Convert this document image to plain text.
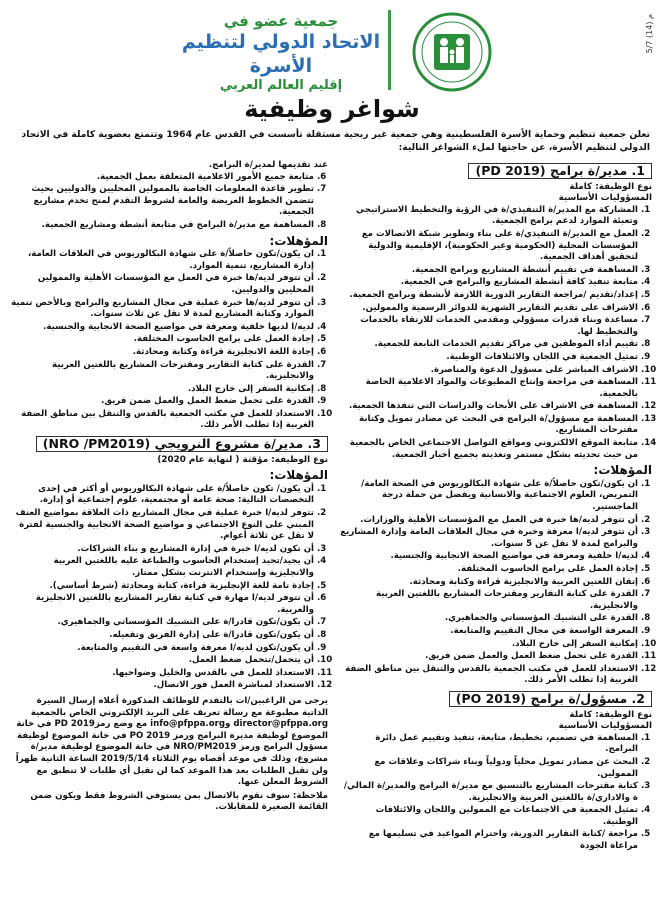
م (14) 5/7
جمعية عضو في
الاتحاد الدولي لتنظيم الأسرة
إقليم العالم العربي
شواغر وظيفية
تعلن جمعية تنظيم وحماية الأسرة الفلسطينية وهي جمعية غير ربحية مستقلة تأسست في القدس عام 1964 وتتمتع بعضوية كاملة في الاتحاد الدولي لتنظيم الأسرة، عن حاجتها لملء الشواغر التالية:
1. مدير/ة برامج (PD 2019)
نوع الوظيفة: كاملة
المسؤوليات الأساسية
1. المشاركة مع المدير/ة التنفيذي/ة في الرؤية والتخطيط الاستراتيجي وتعبئة الموارد لدعم برامج الجمعية.
2. العمل مع المدير/ة التنفيذي/ة على بناء وتطوير شبكة الاتصالات مع المؤسسات المحلية (الحكومية وغير الحكومية)، الإقليمية والدولية لتحقيق أهداف الجمعية.
3. المساهمة في تقييم أنشطة المشاريع وبرامج الجمعية.
4. متابعة تنفيذ كافة أنشطة المشاريع والبرامج في الجمعية.
5. إعداد/تقديم /مراجعة التقارير الدورية اللازمة لأنشطة وبرامج الجمعية.
6. الاشراف على تقديم التقارير الشهرية للدوائر الرسمية والممولين.
7. مساعدة وبناء قدرات مسؤولي ومقدمي الخدمات للارتقاء بالخدمات والتخطيط لها.
8. تقييم أداء الموظفين في مراكز تقديم الخدمات التابعة للجمعية.
9. تمثيل الجمعية في اللجان والائتلافات الوطنية.
10. الاشراف المباشر على مسؤول الدعوة والمناصرة.
11. المساهمة في مراجعة وإنتاج المطبوعات والمواد الاعلامية الخاصة بالجمعية.
12. المساهمة في الاشراف على الأبحاث والدراسات التي تنفذها الجمعية.
13. المساهمة مع مسؤول/ة البرامج في البحث عن مصادر تمويل وكتابة مقترحات المشاريع.
14. متابعة الموقع الالكتروني ومواقع التواصل الاجتماعي الخاص بالجمعية من حيث تحديثه بشكل مستمر وتغذيته بجميع أخبار الجمعية.
المؤهلات:
1. ان يكون/تكون حاصلاً/ة على شهادة البكالوريوس في الصحة العامة/التمريض، العلوم الاجتماعية والانسانية ويفضل من حملة درجة الماجستير.
2. أن تتوفر لديه/ها خبرة في العمل مع المؤسسات الأهلية والوزارات.
3. أن تتوفر لديه/ا معرفة وخبرة في مجال العلاقات العامة وإدارة المشاريع والبرامج لمدة لا تقل عن 5 سنوات.
4. لديه/ا خلفية ومعرفة في مواضيع الصحة الانجابية والجنسية.
5. إجادة العمل على برامج الحاسوب المختلفة.
6. إتقان اللغتين العربية والانجليزية قراءة وكتابة ومحادثة.
7. القدرة على كتابة التقارير ومقترحات المشاريع باللغتين العربية والانجليزية.
8. القدرة على التشبيك المؤسساتي والجماهيري.
9. المعرفة الواسعة في مجال التقييم والمتابعة.
10. إمكانية السفر إلى خارج البلاد.
11. القدرة على تحمل ضغط العمل والعمل ضمن فريق.
12. الاستعداد للعمل في مكتب الجمعية بالقدس والتنقل بين مناطق الضفة الغربية إذا تطلب الأمر ذلك.
2. مسؤول/ة برامج (PO 2019)
نوع الوظيفة: كاملة
المسؤوليات الأساسية
1. المساهمة في تصميم، تخطيط، متابعة، تنفيذ وتقييم عمل دائرة البرامج.
2. البحث عن مصادر تمويل محلياً ودولياً وبناء شراكات وعلاقات مع الممولين.
3. كتابة مقترحات المشاريع بالتنسيق مع مدير/ة البرامج والمدير/ة المالي/ة والاداري/ة باللغتين العربية والانجليزية.
4. تمثيل الجمعية في الاجتماعات مع الممولين واللجان والائتلافات الوطنية.
5. مراجعة /كتابة التقارير الدورية، واحترام المواعيد في تسليمها مع مراعاة الجودة
عند تقديمها لمدير/ة البرامج.
6. متابعة جميع الأمور الاعلامية المتعلقة بعمل الجمعية.
7. تطوير قاعدة المعلومات الخاصة بالممولين المحليين والدوليين بحيث تتضمن الخطوط العريضة والعامة لشروط التقدم لمنح تخدم مشاريع الجمعية.
8. المساهمة مع مدير/ة البرامج في متابعة أنشطة ومشاريع الجمعية.
المؤهلات:
1. ان يكون/تكون حاصلاً/ة على شهادة البكالوريوس في العلاقات العامة، إدارة المشاريع، تنمية الموارد.
2. أن تتوفر لديه/ها خبرة في العمل مع المؤسسات الأهلية والممولين المحليين والدوليين.
3. أن تتوفر لديه/ها خبرة عملية في مجال المشاريع والبرامج وبالأخص تنمية الموارد وكتابة المشاريع لمدة لا تقل عن ثلاث سنوات.
4. لديه/ا لديها خلفية ومعرفة في مواضيع الصحة الانجابية والجنسية.
5. إجادة العمل على برامج الحاسوب المختلفة.
6. إجادة اللغة الانجليزية قراءة وكتابة ومحادثة.
7. القدرة على كتابة التقارير ومقترحات المشاريع باللغتين العربية والانجليزية.
8. إمكانية السفر إلى خارج البلاد.
9. القدرة على تحمل ضغط العمل والعمل ضمن فريق.
10. الاستعداد للعمل في مكتب الجمعية بالقدس والتنقل بين مناطق الضفة الغربية إذا تطلب الأمر ذلك.
3. مدير/ة مشروع النرويجي (NRO /PM2019)
نوع الوظيفة: مؤقتة ( لنهاية عام 2020)
المؤهلات:
1. أن يكون/ تكون حاصلاً/ة على شهادة البكالوريوس أو أكثر في إحدى التخصصات التالية: صحة عامة أو مجتمعية، علوم إجتماعية أو إدارة.
2. تتوفر لديه/ا خبرة عملية في مجال المشاريع ذات العلاقة بمواضيع العنف المبني على النوع الاجتماعي و مواضيع الصحة الانجابية والجنسية لفترة لا تقل عن ثلاثة أعوام.
3. أن تكون لديه/ا خبرة في إدارة المشاريع و بناء الشراكات.
4. أن يجيد/تجيد إستخدام الحاسوب والطباعة عليه باللغتين العربية والانجليزية وإستخدام الانترنت بشكل ممتاز.
5. إجادة تامة للغة الإنجليزية قراءة، كتابة ومحادثة (شرط أساسي).
6. أن تتوفر لديه/ا مهارة في كتابة تقارير المشاريع باللغتين الانجليزية والعربية.
7. أن يكون/تكون قادرا/ة على التشبيك المؤسساتي والجماهيري.
8. أن يكون/تكون قادرا/ة على إدارة الفريق وتفعيله.
9. أن يكون/تكون لديه/ا معرفة واسعة في التقييم والمتابعة.
10. أن يتحمل/تتحمل ضغط العمل.
11. الاستعداد للعمل في بالقدس والخليل وضواحيها.
12. الاستعداد لمباشرة العمل فور الاتصال.
يرجى من الراغبين/ات بالتقدم للوظائف المذكورة أعلاه إرسال السيرة الذاتية مطبوعة مع رسالة تعريف على البريد الإلكتروني الخاص بالجمعية director@pfppa.org وinfo@pfppa.org مع وضع رمزPD 2019 في خانة الموضوع لوظيفة مديرة البرامج ورمز PO 2019 في خانة الموضوع لوظيفة مسؤول البرامج ورمز NRO/PM2019 في خانة الموضوع لوظيفة مدير/ة مشروع، وذلك في موعد أقصاه يوم الثلاثاء 2019/5/14 الساعة الثانية ظهراً ولن تقبل الطلبات بعد هذا الموعد كما لن تقبل أي طلبات لا تنطبق مع الشروط المعلن عنها.
ملاحظة: سوف نقوم بالاتصال بمن يستوفي الشروط فقط ويكون ضمن القائمة الصغيرة للمقابلات.
